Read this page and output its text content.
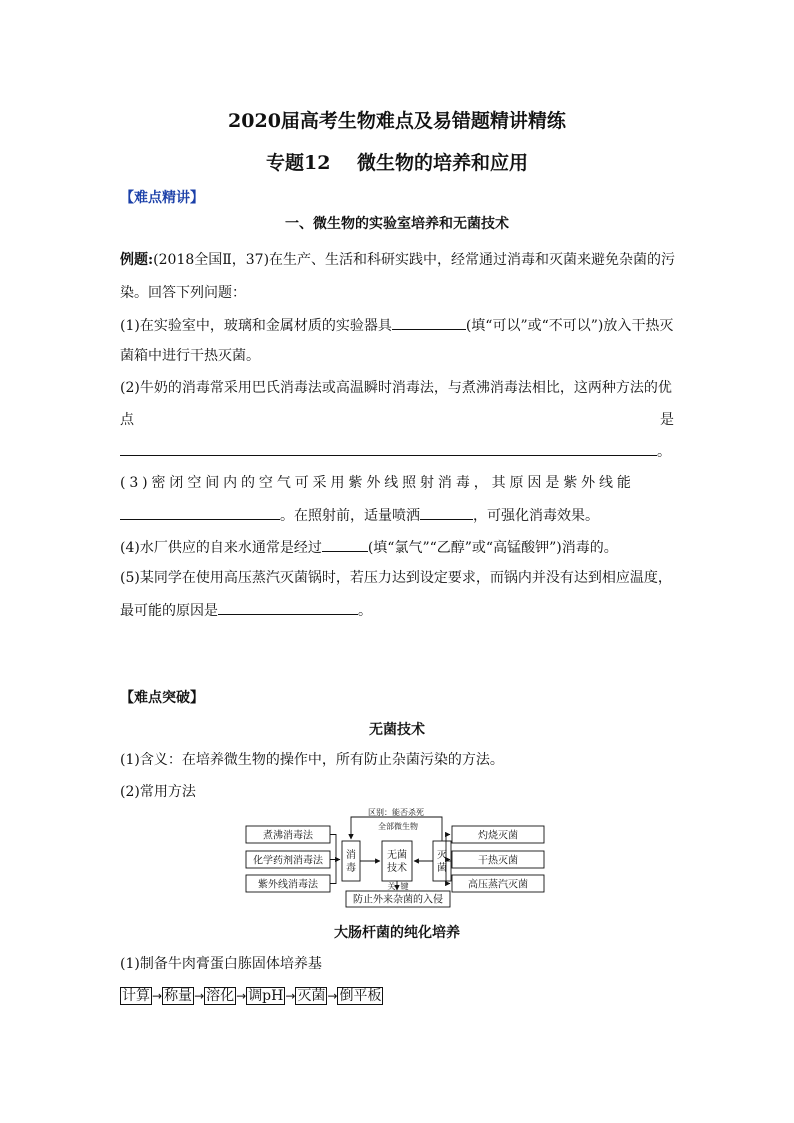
2020届高考生物难点及易错题精讲精练
专题12    微生物的培养和应用
【难点精讲】
一、微生物的实验室培养和无菌技术
例题:(2018全国Ⅱ，37)在生产、生活和科研实践中，经常通过消毒和灭菌来避免杂菌的污
染。回答下列问题：
(1)在实验室中，玻璃和金属材质的实验器具	(填“可以”或“不可以”)放入干热灭
菌箱中进行干热灭菌。
(2)牛奶的消毒常采用巴氏消毒法或高温瞬时消毒法，与煮沸消毒法相比，这两种方法的优
点	是
。
(3)密闭空间内的空气可采用紫外线照射消毒，其原因是紫外线能
。在照射前，适量喷洒	，可强化消毒效果。
(4)水厂供应的自来水通常是经过	(填“氯气”“乙醇”或“高锰酸钾”)消毒的。
(5)某同学在使用高压蒸汽灭菌锅时，若压力达到设定要求，而锅内并没有达到相应温度，
最可能的原因是	。
【难点突破】
无菌技术
(1)含义：在培养微生物的操作中，所有防止杂菌污染的方法。
(2)常用方法
煮沸消毒法
化学药剂消毒法
紫外线消毒法
灼烧灭菌
干热灭菌
高压蒸汽灭菌
防止外来杂菌的入侵
消毒
灭菌
无菌技术
区别：能否杀死
全部微生物
关  键
大肠杆菌的纯化培养
(1)制备牛肉膏蛋白胨固体培养基
计算 → 称量 → 溶化 → 调pH → 灭菌 → 倒平板
